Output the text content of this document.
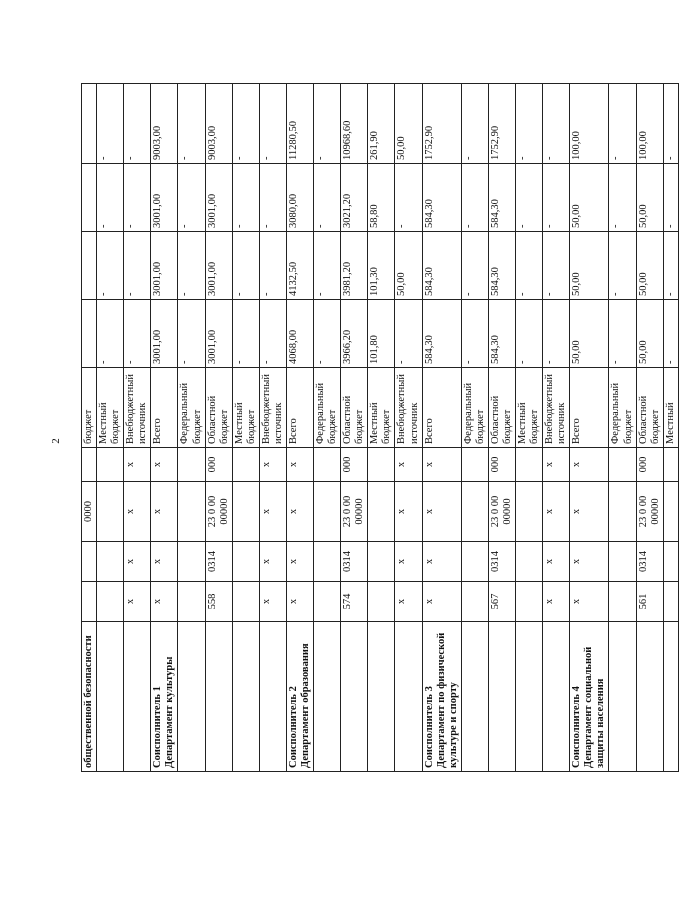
2
общественной безопасности			0000		бюджет				
					Местный бюджет	-	-	-	-
	х	х	х	х	Внебюджетный источник	-	-	-	-
Соисполнитель 1 Департамент культуры	х	х	х	х	Всего	3001,00	3001,00	3001,00	9003,00
					Федеральный бюджет	-	-	-	-
	558	0314	23 0 00 00000	000	Областной бюджет	3001,00	3001,00	3001,00	9003,00
					Местный бюджет	-	-	-	-
	х	х	х	х	Внебюджетный источник	-	-	-	-
Соисполнитель 2 Департамент образования	х	х	х	х	Всего	4068,00	4132,50	3080,00	11280,50
					Федеральный бюджет	-	-	-	-
	574	0314	23 0 00 00000	000	Областной бюджет	3966,20	3981,20	3021,20	10968,60
					Местный бюджет	101,80	101,30	58,80	261,90
	х	х	х	х	Внебюджетный источник	-	50,00	-	50,00
Соисполнитель 3 Департамент по физической культуре и спорту	х	х	х	х	Всего	584,30	584,30	584,30	1752,90
					Федеральный бюджет	-	-	-	-
	567	0314	23 0 00 00000	000	Областной бюджет	584,30	584,30	584,30	1752,90
					Местный бюджет	-	-	-	-
	х	х	х	х	Внебюджетный источник	-	-	-	-
Соисполнитель 4 Департамент социальной защиты населения	х	х	х	х	Всего	50,00	50,00	50,00	100,00
					Федеральный бюджет	-	-	-	-
	561	0314	23 0 00 00000	000	Областной бюджет	50,00	50,00	50,00	100,00
					Местный	-	-	-	-
